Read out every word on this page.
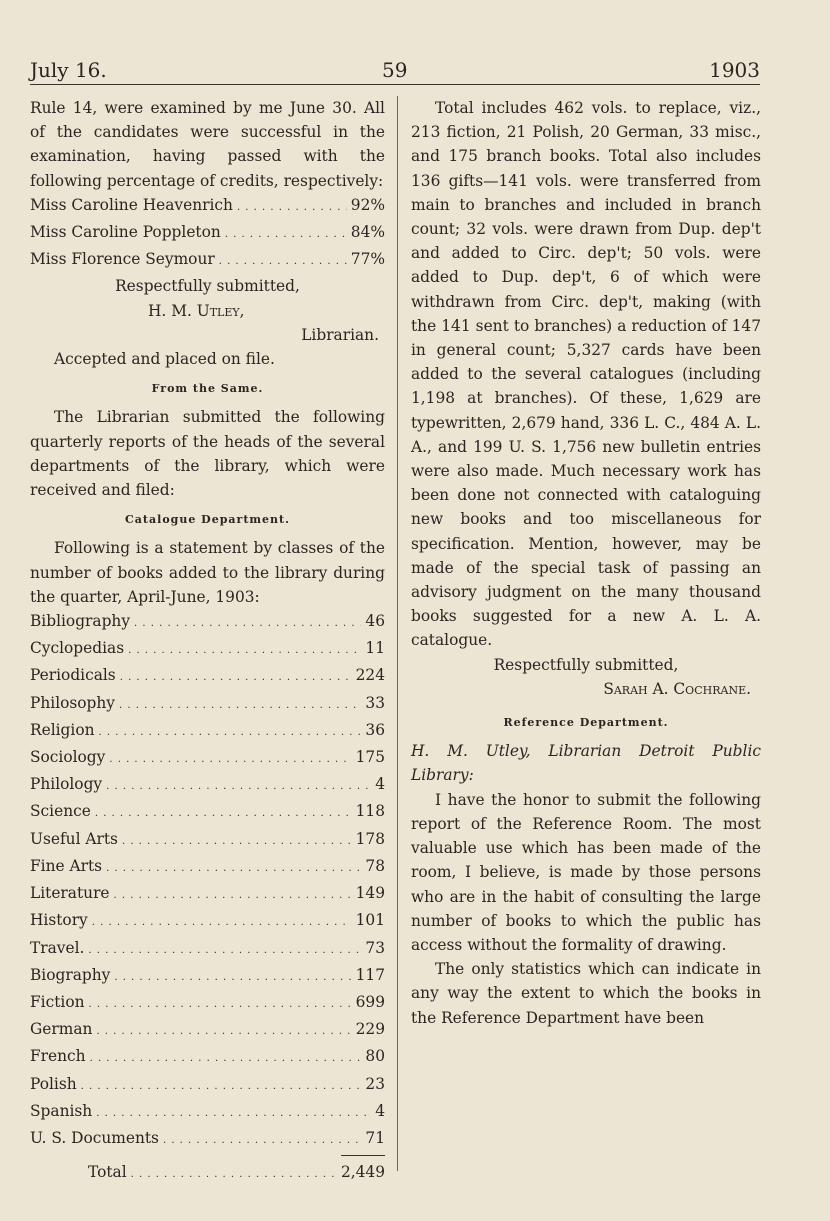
July 16.	59	1903

Rule 14, were examined by me June 30. All of the candidates were successful in the examination, having passed with the following percentage of credits, respectively:

Miss Caroline Heavenrich . . .	92%
Miss Caroline Poppleton . . .	84%
Miss Florence Seymour . . .	77%

Respectfully submitted,

H. M. Utley,

Librarian.

Accepted and placed on file.

From the Same.

The Librarian submitted the following quarterly reports of the heads of the several departments of the library, which were received and filed:

Catalogue Department.

Following is a statement by classes of the number of books added to the library during the quarter, April-June, 1903:

Bibliography . . .	46
Cyclopedias . . .	11
Periodicals . . .	224
Philosophy . . .	33
Religion . . .	36
Sociology . . .	175
Philology . . .	4
Science . . .	118
Useful Arts . . .	178
Fine Arts . . .	78
Literature . . .	149
History . . .	101
Travel. . . .	73
Biography . . .	117
Fiction . . .	699
German . . .	229
French . . .	80
Polish . . .	23
Spanish . . .	4
U. S. Documents . . .	71
Total . . .	2,449

Total includes 462 vols. to replace, viz., 213 fiction, 21 Polish, 20 German, 33 misc., and 175 branch books. Total also includes 136 gifts—141 vols. were transferred from main to branches and included in branch count; 32 vols. were drawn from Dup. dep't and added to Circ. dep't; 50 vols. were added to Dup. dep't, 6 of which were withdrawn from Circ. dep't, making (with the 141 sent to branches) a reduction of 147 in general count; 5,327 cards have been added to the several catalogues (including 1,198 at branches). Of these, 1,629 are typewritten, 2,679 hand, 336 L. C., 484 A. L. A., and 199 U. S. 1,756 new bulletin entries were also made. Much necessary work has been done not connected with cataloguing new books and too miscellaneous for specification. Mention, however, may be made of the special task of passing an advisory judgment on the many thousand books suggested for a new A. L. A. catalogue.

Respectfully submitted,

Sarah A. Cochrane.

Reference Department.

H. M. Utley, Librarian Detroit Public Library:

I have the honor to submit the following report of the Reference Room. The most valuable use which has been made of the room, I believe, is made by those persons who are in the habit of consulting the large number of books to which the public has access without the formality of drawing.

The only statistics which can indicate in any way the extent to which the books in the Reference Department have been
